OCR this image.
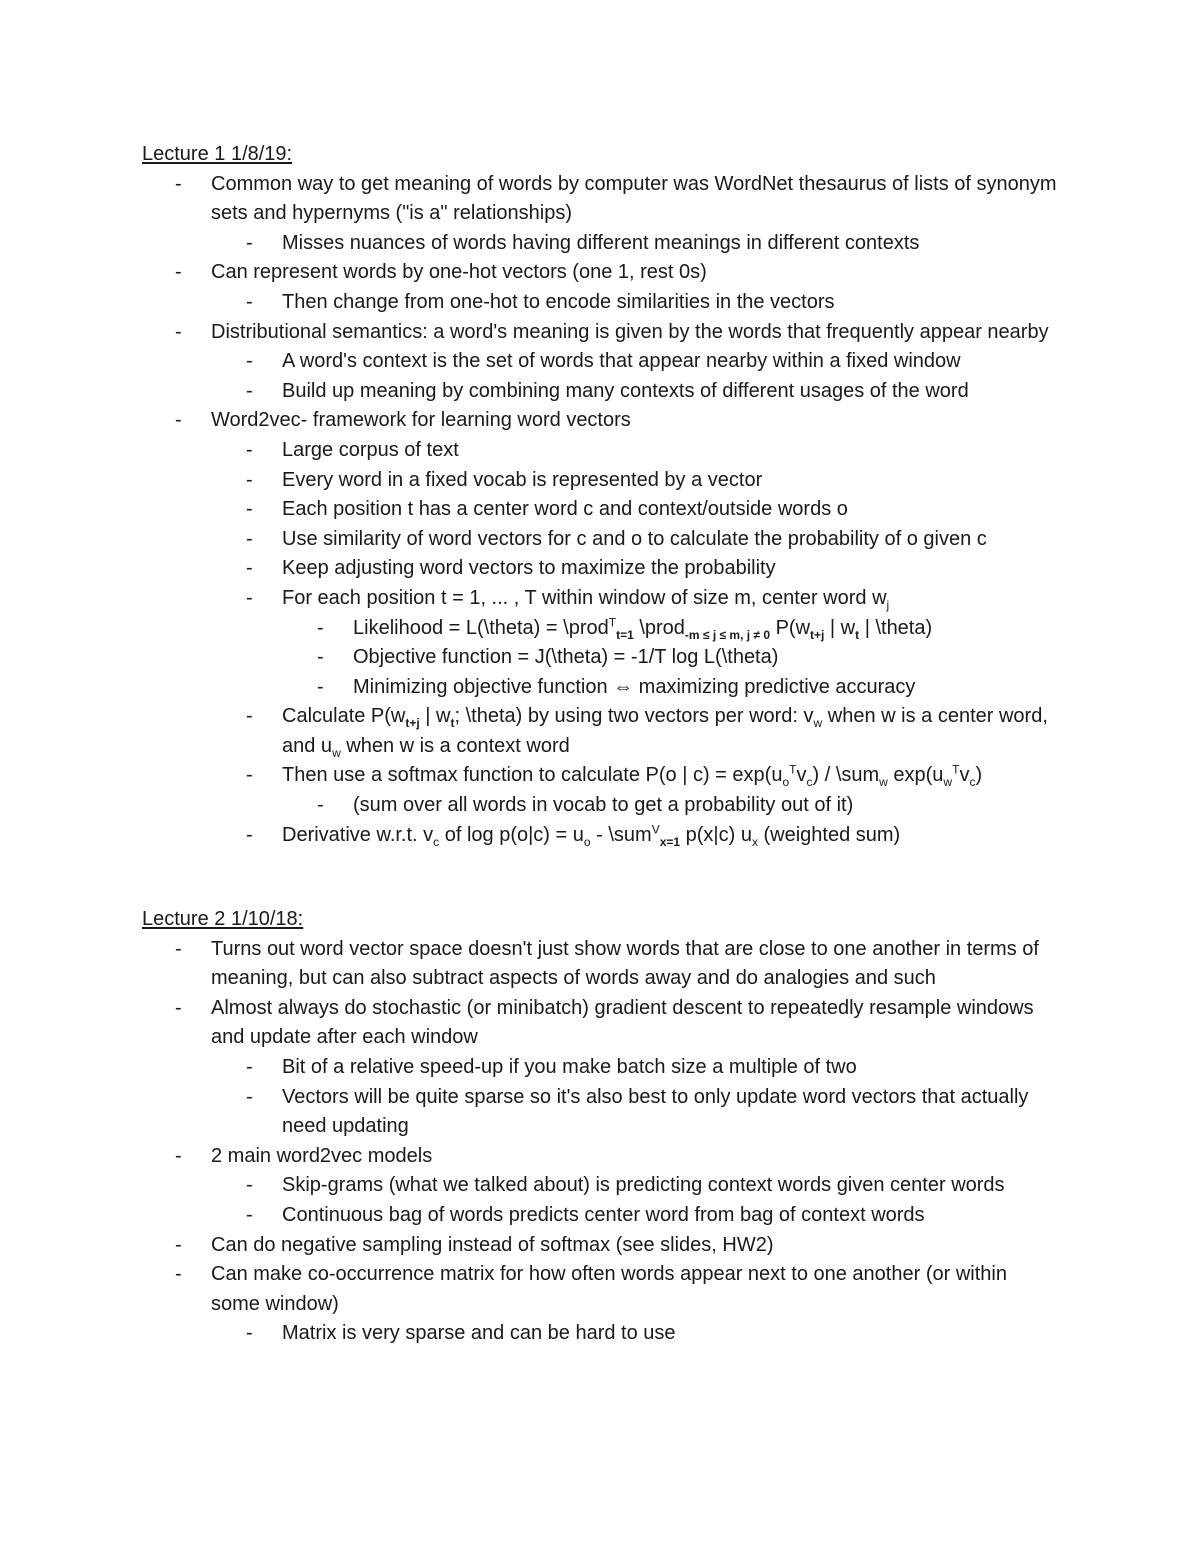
Lecture 1 1/8/19:
- Common way to get meaning of words by computer was WordNet thesaurus of lists of synonym sets and hypernyms ("is a" relationships)
- Misses nuances of words having different meanings in different contexts
- Can represent words by one-hot vectors (one 1, rest 0s)
- Then change from one-hot to encode similarities in the vectors
- Distributional semantics: a word's meaning is given by the words that frequently appear nearby
- A word's context is the set of words that appear nearby within a fixed window
- Build up meaning by combining many contexts of different usages of the word
- Word2vec- framework for learning word vectors
- Large corpus of text
- Every word in a fixed vocab is represented by a vector
- Each position t has a center word c and context/outside words o
- Use similarity of word vectors for c and o to calculate the probability of o given c
- Keep adjusting word vectors to maximize the probability
- For each position t = 1, ... , T within window of size m, center word $w_j$
- Likelihood = L(\theta) = \prod$^T_{t=1}$ \prod$_{-m \le j \le m, j \ne 0}$ $P(w_{t+j}$ | $w_t$ | \theta)
- Objective function = J(\theta) = -1/T log L(\theta)
- Minimizing objective function ⇔ maximizing predictive accuracy
- Calculate $P(w_{t+j}$ | $w_t$; \theta) by using two vectors per word: $v_w$ when w is a center word, and $u_w$ when w is a context word
- Then use a softmax function to calculate P(o | $c) = \exp(u_o^Tv_c)$ / \sum$_w$ $\exp(u_w^Tv_c)$
- (sum over all words in vocab to get a probability out of it)
- Derivative w.r.t. $v_c$ of $\log p(o|c) = u_o$ - \sum$^V_{x=1}$ p(x|c) $u_x$ (weighted sum)
Lecture 2 1/10/18:
- Turns out word vector space doesn't just show words that are close to one another in terms of meaning, but can also subtract aspects of words away and do analogies and such
- Almost always do stochastic (or minibatch) gradient descent to repeatedly resample windows and update after each window
- Bit of a relative speed-up if you make batch size a multiple of two
- Vectors will be quite sparse so it's also best to only update word vectors that actually need updating
- 2 main word2vec models
- Skip-grams (what we talked about) is predicting context words given center words
- Continuous bag of words predicts center word from bag of context words
- Can do negative sampling instead of softmax (see slides, HW2)
- Can make co-occurrence matrix for how often words appear next to one another (or within some window)
- Matrix is very sparse and can be hard to use
